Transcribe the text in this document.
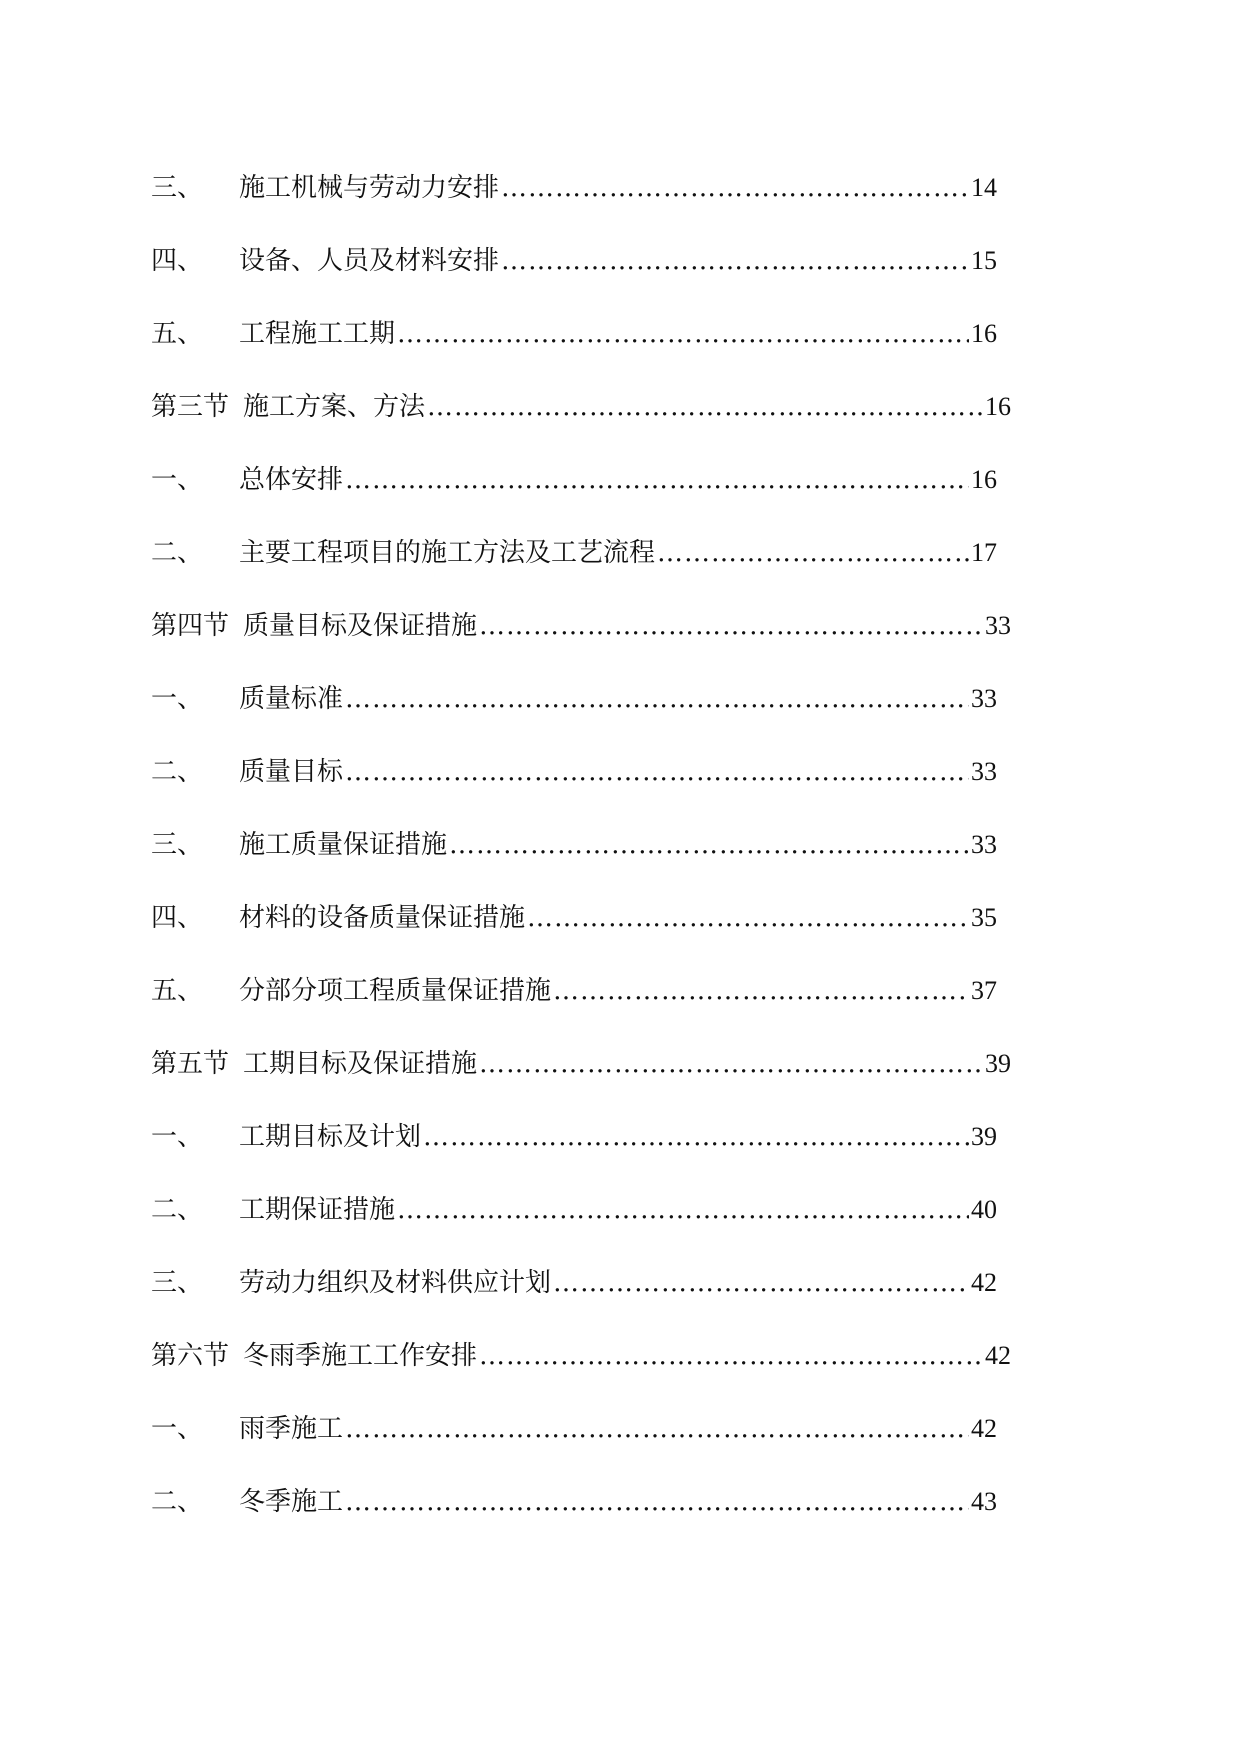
三、	施工机械与劳动力安排 ……………………………………………………………………………………………………………………………………	14
四、	设备、人员及材料安排 ……………………………………………………………………………………………………………………………………	15
五、	工程施工工期 ……………………………………………………………………………………………………………………………………	16
第三节 施工方案、方法 ……………………………………………………………………………………………………………………………………	16
一、	总体安排 ……………………………………………………………………………………………………………………………………	16
二、	主要工程项目的施工方法及工艺流程 ……………………………………………………………………………………………………………………………………	17
第四节 质量目标及保证措施 ……………………………………………………………………………………………………………………………………	33
一、	质量标准 ……………………………………………………………………………………………………………………………………	33
二、	质量目标 ……………………………………………………………………………………………………………………………………	33
三、	施工质量保证措施 ……………………………………………………………………………………………………………………………………	33
四、	材料的设备质量保证措施 ……………………………………………………………………………………………………………………………………	35
五、	分部分项工程质量保证措施 ……………………………………………………………………………………………………………………………………	37
第五节 工期目标及保证措施 ……………………………………………………………………………………………………………………………………	39
一、	工期目标及计划 ……………………………………………………………………………………………………………………………………	39
二、	工期保证措施 ……………………………………………………………………………………………………………………………………	40
三、	劳动力组织及材料供应计划 ……………………………………………………………………………………………………………………………………	42
第六节 冬雨季施工工作安排 ……………………………………………………………………………………………………………………………………	42
一、	雨季施工 ……………………………………………………………………………………………………………………………………	42
二、	冬季施工 ……………………………………………………………………………………………………………………………………	43
